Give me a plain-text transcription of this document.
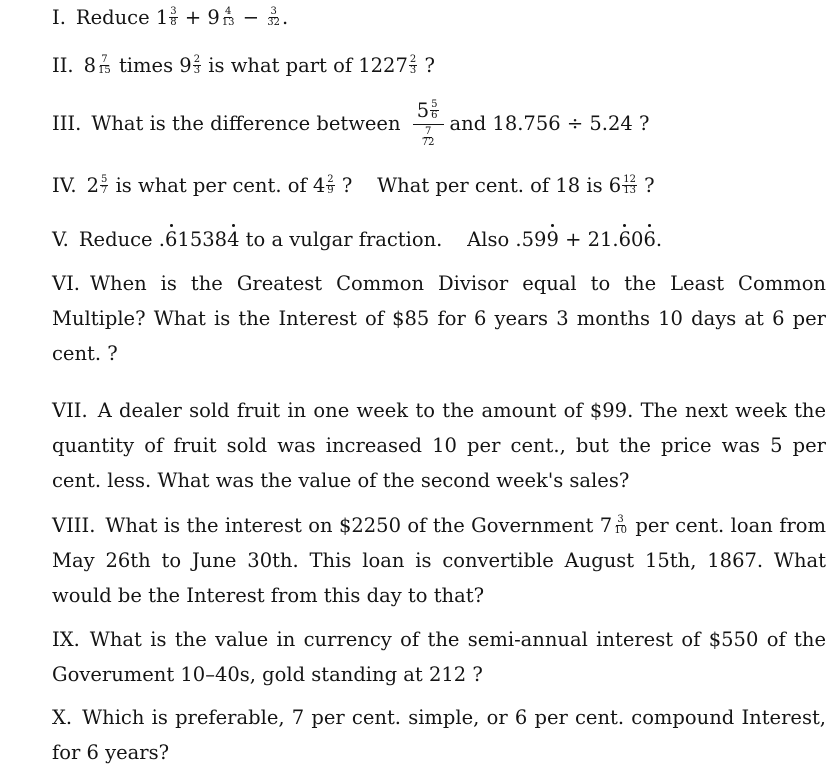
I. Reduce $1 \frac{3}{8} + 9 \frac{4}{13} - \frac{3}{32}$ .
II. $8 \frac{7}{15}$ times $9 \frac{2}{3}$ is what part of $1227 \frac{2}{3}$ ?
III. What is the difference between $\frac{5 \frac{5}{6}}{\frac{7}{72}}$ and 18.756 ÷ 5.24 ?
IV. $2 \frac{5}{7}$ is what per cent. of $4 \frac{2}{9}$ ?    What per cent. of 18 is $6 \frac{12}{13}$ ?
V. Reduce .615384 to a vulgar fraction.    Also .599 + 21.606.
VI. When is the Greatest Common Divisor equal to the Least Common Multiple? What is the Interest of $85 for 6 years 3 months 10 days at 6 per cent. ?
VII. A dealer sold fruit in one week to the amount of $99. The next week the quantity of fruit sold was increased 10 per cent., but the price was 5 per cent. less. What was the value of the second week's sales?
VIII. What is the interest on $2250 of the Government $7 \frac{3}{10}$ per cent. loan from May 26th to June 30th. This loan is convertible August 15th, 1867. What would be the Interest from this day to that?
IX. What is the value in currency of the semi-annual interest of $550 of the Goverument 10–40s, gold standing at 212 ?
X. Which is preferable, 7 per cent. simple, or 6 per cent. compound Interest, for 6 years?
